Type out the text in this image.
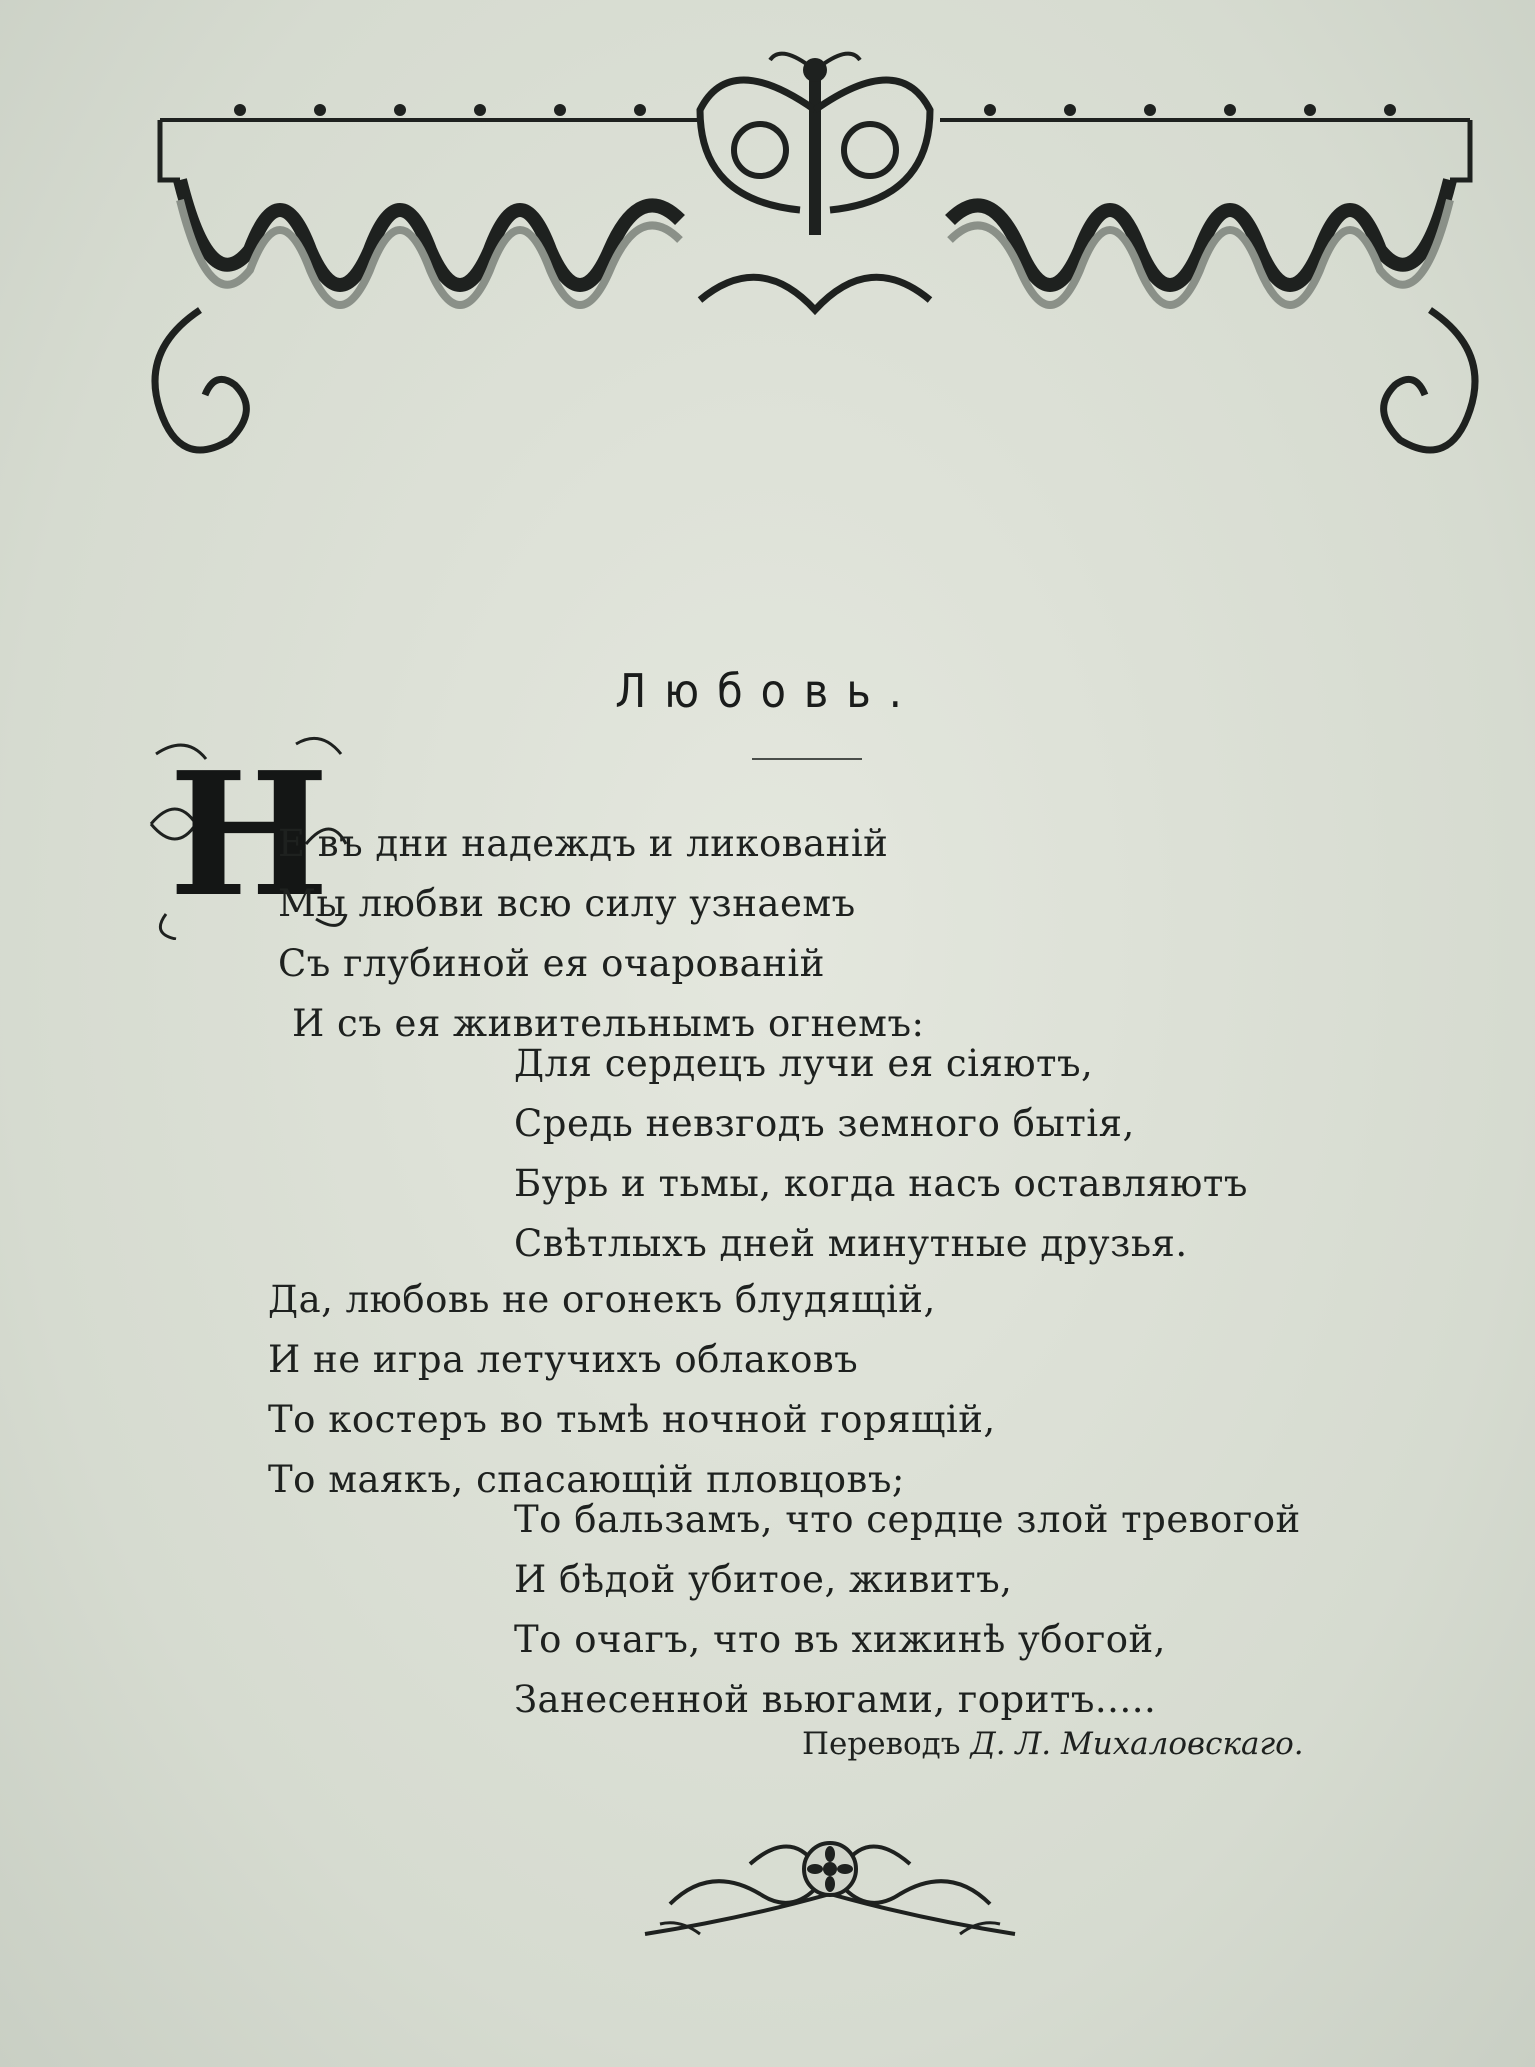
Любовь.
Н
Е въ дни надеждъ и ликованій
Мы любви всю силу узнаемъ
Съ глубиной ея очарованій
И съ ея живительнымъ огнемъ:
Для сердецъ лучи ея сіяютъ,
Средь невзгодъ земного бытія,
Бурь и тьмы, когда насъ оставляютъ
Свѣтлыхъ дней минутные друзья.
Да, любовь не огонекъ блудящій,
И не игра летучихъ облаковъ
То костеръ во тьмѣ ночной горящій,
То маякъ, спасающій пловцовъ;
То бальзамъ, что сердце злой тревогой
И бѣдой убитое, живитъ,
То очагъ, что въ хижинѣ убогой,
Занесенной вьюгами, горитъ.....
Переводъ Д. Л. Михаловскаго.
